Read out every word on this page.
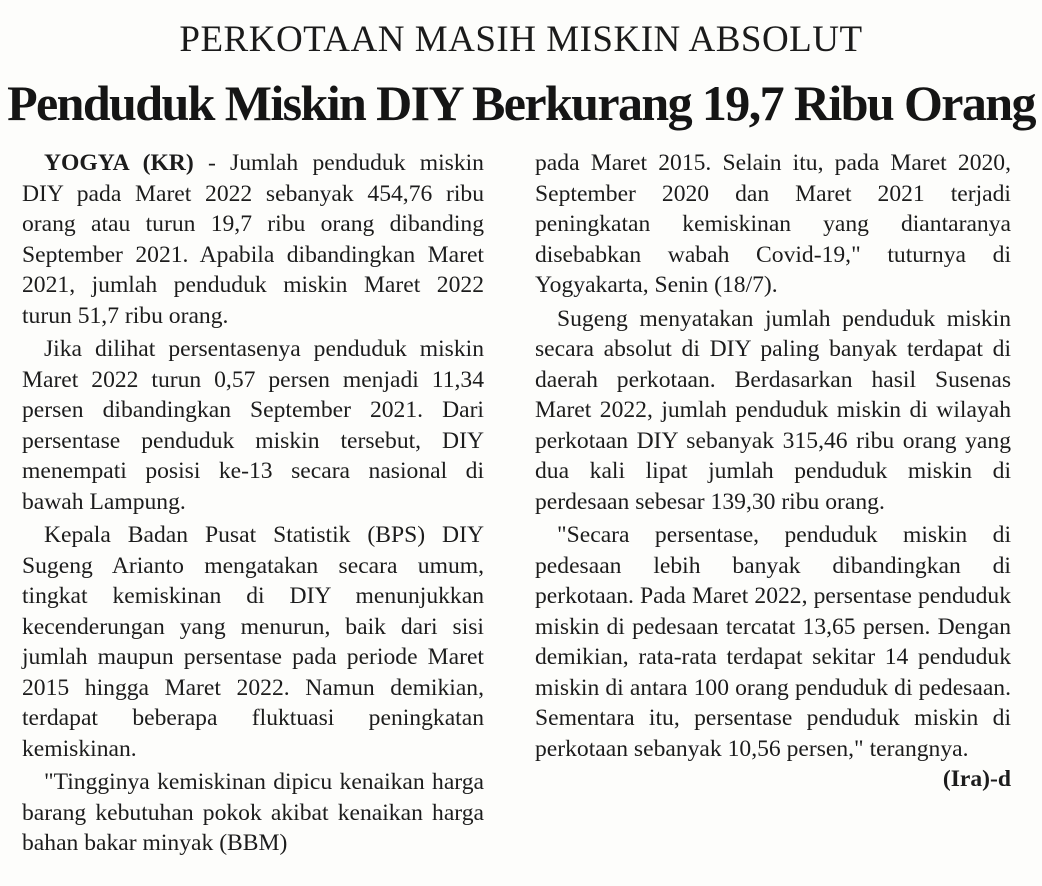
PERKOTAAN MASIH MISKIN ABSOLUT
Penduduk Miskin DIY Berkurang 19,7 Ribu Orang

YOGYA (KR) - Jumlah penduduk miskin DIY pada Maret 2022 sebanyak 454,76 ribu orang atau turun 19,7 ribu orang dibanding September 2021. Apabila dibandingkan Maret 2021, jumlah penduduk miskin Maret 2022 turun 51,7 ribu orang.

Jika dilihat persentasenya penduduk miskin Maret 2022 turun 0,57 persen menjadi 11,34 persen dibandingkan September 2021. Dari persentase penduduk miskin tersebut, DIY menempati posisi ke-13 secara nasional di bawah Lampung.

Kepala Badan Pusat Statistik (BPS) DIY Sugeng Arianto mengatakan secara umum, tingkat kemiskinan di DIY menunjukkan kecenderungan yang menurun, baik dari sisi jumlah maupun persentase pada periode Maret 2015 hingga Maret 2022. Namun demikian, terdapat beberapa fluktuasi peningkatan kemiskinan.

"Tingginya kemiskinan dipicu kenaikan harga barang kebutuhan pokok akibat kenaikan harga bahan bakar minyak (BBM)

pada Maret 2015. Selain itu, pada Maret 2020, September 2020 dan Maret 2021 terjadi peningkatan kemiskinan yang diantaranya disebabkan wabah Covid-19," tuturnya di Yogyakarta, Senin (18/7).

Sugeng menyatakan jumlah penduduk miskin secara absolut di DIY paling banyak terdapat di daerah perkotaan. Berdasarkan hasil Susenas Maret 2022, jumlah penduduk miskin di wilayah perkotaan DIY sebanyak 315,46 ribu orang yang dua kali lipat jumlah penduduk miskin di perdesaan sebesar 139,30 ribu orang.

"Secara persentase, penduduk miskin di pedesaan lebih banyak dibandingkan di perkotaan. Pada Maret 2022, persentase penduduk miskin di pedesaan tercatat 13,65 persen. Dengan demikian, rata-rata terdapat sekitar 14 penduduk miskin di antara 100 orang penduduk di pedesaan. Sementara itu, persentase penduduk miskin di perkotaan sebanyak 10,56 persen," terangnya.
(Ira)-d
